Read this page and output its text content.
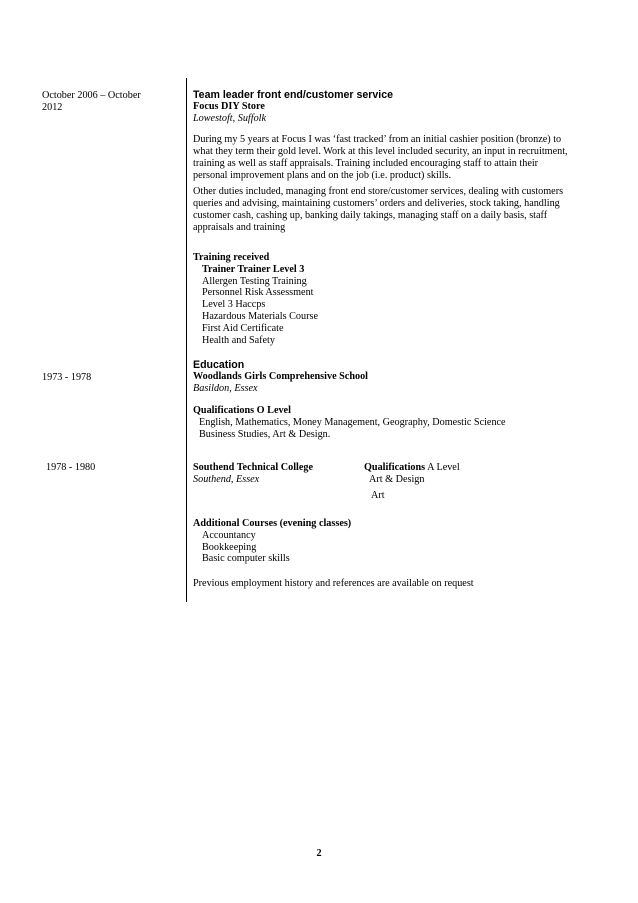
October 2006 – October
2012
1973 - 1978
1978 - 1980
Team leader front end/customer service
Focus DIY Store
Lowestoft, Suffolk
During my 5 years at Focus I was ‘fast tracked’ from an initial cashier position (bronze) to
what they term their gold level. Work at this level included security, an input in recruitment,
training as well as staff appraisals. Training included encouraging staff to attain their
personal improvement plans and on the job (i.e. product) skills.
Other duties included, managing front end store/customer services, dealing with customers
queries and advising, maintaining customers’ orders and deliveries, stock taking, handling
customer cash, cashing up, banking daily takings, managing staff on a daily basis, staff
appraisals and training
Training received
Trainer Trainer Level 3
Allergen Testing Training
Personnel Risk Assessment
Level 3 Haccps
Hazardous Materials Course
First Aid Certificate
Health and Safety
Education
Woodlands Girls Comprehensive School
Basildon, Essex
Qualifications O Level
English, Mathematics, Money Management, Geography, Domestic Science
Business Studies, Art & Design.
Southend Technical College
Southend, Essex
Qualifications A Level
Art & Design
Art
Additional Courses (evening classes)
Accountancy
Bookkeeping
Basic computer skills
Previous employment history and references are available on request
2
